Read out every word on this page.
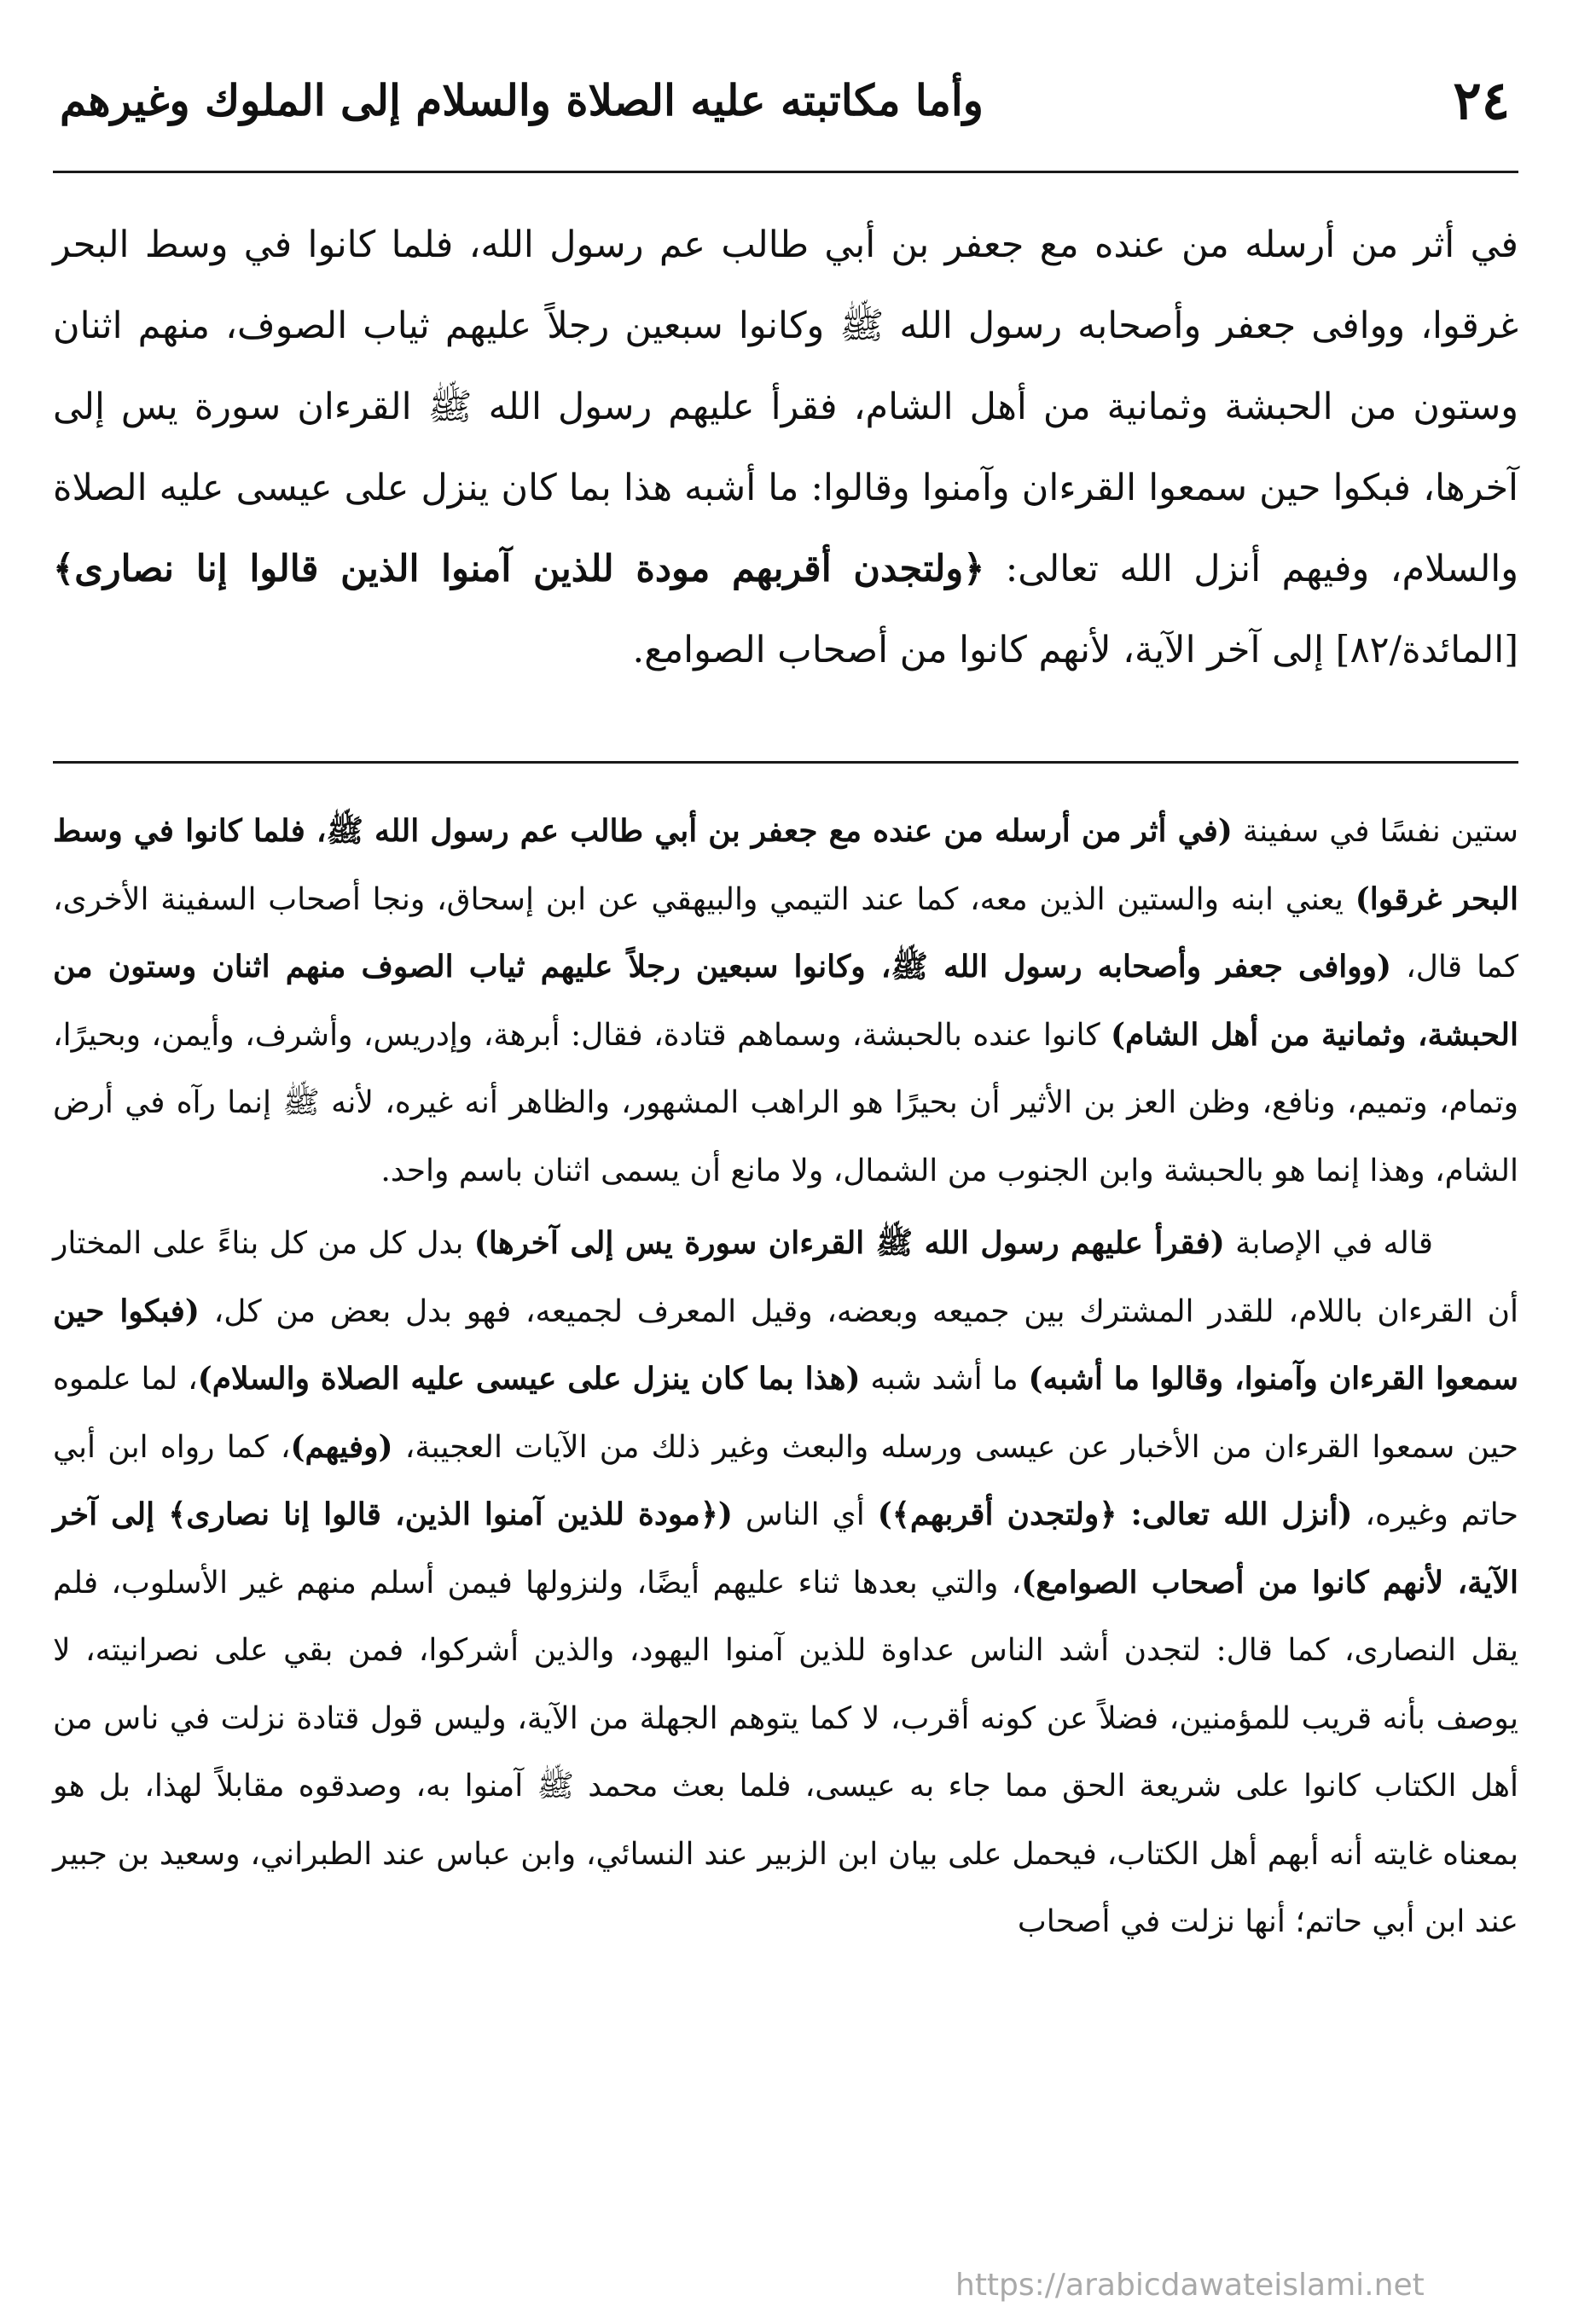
٢٤
وأما مكاتبته عليه الصلاة والسلام إلى الملوك وغيرهم

في أثر من أرسله من عنده مع جعفر بن أبي طالب عم رسول الله، فلما كانوا في وسط البحر غرقوا، ووافى جعفر وأصحابه رسول الله ﷺ وكانوا سبعين رجلاً عليهم ثياب الصوف، منهم اثنان وستون من الحبشة وثمانية من أهل الشام، فقرأ عليهم رسول الله ﷺ القرءان سورة يس إلى آخرها، فبكوا حين سمعوا القرءان وآمنوا وقالوا: ما أشبه هذا بما كان ينزل على عيسى عليه الصلاة والسلام، وفيهم أنزل الله تعالى: ﴿ولتجدن أقربهم مودة للذين آمنوا الذين قالوا إنا نصارى﴾ [المائدة/٨٢] إلى آخر الآية، لأنهم كانوا من أصحاب الصوامع.

ستين نفسًا في سفينة (في أثر من أرسله من عنده مع جعفر بن أبي طالب عم رسول الله ﷺ، فلما كانوا في وسط البحر غرقوا) يعني ابنه والستين الذين معه، كما عند التيمي والبيهقي عن ابن إسحاق، ونجا أصحاب السفينة الأخرى، كما قال، (ووافى جعفر وأصحابه رسول الله ﷺ، وكانوا سبعين رجلاً عليهم ثياب الصوف منهم اثنان وستون من الحبشة، وثمانية من أهل الشام) كانوا عنده بالحبشة، وسماهم قتادة، فقال: أبرهة، وإدريس، وأشرف، وأيمن، وبحيرًا، وتمام، وتميم، ونافع، وظن العز بن الأثير أن بحيرًا هو الراهب المشهور، والظاهر أنه غيره، لأنه ﷺ إنما رآه في أرض الشام، وهذا إنما هو بالحبشة وابن الجنوب من الشمال، ولا مانع أن يسمى اثنان باسم واحد.

قاله في الإصابة (فقرأ عليهم رسول الله ﷺ القرءان سورة يس إلى آخرها) بدل كل من كل بناءً على المختار أن القرءان باللام، للقدر المشترك بين جميعه وبعضه، وقيل المعرف لجميعه، فهو بدل بعض من كل، (فبكوا حين سمعوا القرءان وآمنوا، وقالوا ما أشبه) ما أشد شبه (هذا بما كان ينزل على عيسى عليه الصلاة والسلام)، لما علموه حين سمعوا القرءان من الأخبار عن عيسى ورسله والبعث وغير ذلك من الآيات العجيبة، (وفيهم)، كما رواه ابن أبي حاتم وغيره، (أنزل الله تعالى: ﴿ولتجدن أقربهم﴾) أي الناس (﴿مودة للذين آمنوا الذين، قالوا إنا نصارى﴾ إلى آخر الآية، لأنهم كانوا من أصحاب الصوامع)، والتي بعدها ثناء عليهم أيضًا، ولنزولها فيمن أسلم منهم غير الأسلوب، فلم يقل النصارى، كما قال: لتجدن أشد الناس عداوة للذين آمنوا اليهود، والذين أشركوا، فمن بقي على نصرانيته، لا يوصف بأنه قريب للمؤمنين، فضلاً عن كونه أقرب، لا كما يتوهم الجهلة من الآية، وليس قول قتادة نزلت في ناس من أهل الكتاب كانوا على شريعة الحق مما جاء به عيسى، فلما بعث محمد ﷺ آمنوا به، وصدقوه مقابلاً لهذا، بل هو بمعناه غايته أنه أبهم أهل الكتاب، فيحمل على بيان ابن الزبير عند النسائي، وابن عباس عند الطبراني، وسعيد بن جبير عند ابن أبي حاتم؛ أنها نزلت في أصحاب

https://arabicdawateislami.net
